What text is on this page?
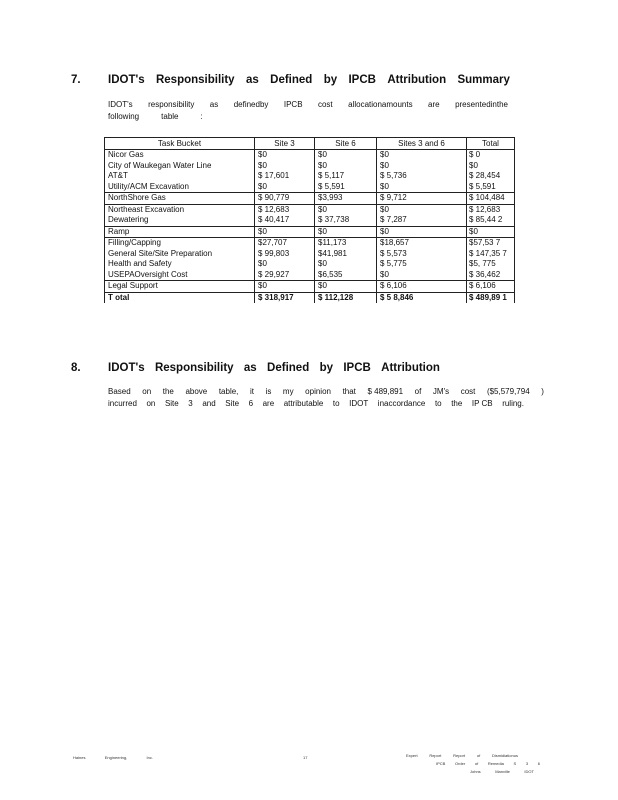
7. IDOT's Responsibility as Defined by IPCB Attribution Summary
IDOT's responsibility as definedby IPCB cost allocationamounts are presentedinthe
following	table	:
Task Bucket	Site 3	Site 6	Sites 3 and 6	Total
Nicor Gas	$0	$0	$0	$ 0
City of Waukegan Water Line	$0	$0	$0	$0
AT&T	$ 17,601	$ 5,117	$ 5,736	$ 28,454
Utility/ACM Excavation	$0	$ 5,591	$0	$ 5,591
NorthShore Gas	$ 90,779	$3,993	$ 9,712	$ 104,484
Northeast Excavation	$ 12,683	$0	$0	$ 12,683
Dewatering	$ 40,417	$ 37,738	$ 7,287	$ 85,44 2
Ramp	$0	$0	$0	$0
Filling/Capping	$27,707	$11,173	$18,657	$57,53 7
General Site/Site Preparation	$ 99,803	$41,981	$ 5,573	$ 147,35 7
Health and Safety	$0	$0	$ 5,775	$5, 775
USEPAOversight Cost	$ 29,927	$6,535	$0	$ 36,462
Legal Support	$0	$0	$ 6,106	$ 6,106
T otal	$ 318,917	$ 112,128	$ 5 8,846	$ 489,89 1
8. IDOT's Responsibility as Defined by IPCB Attribution
Based on the above table, it is my opinion that $ 489,891 of JM's cost ($5,579,794 )
incurred on Site 3 and Site 6 are attributable to IDOT inaccordance to the IP CB ruling.
Haines	Engineering,	Inc.	17	Expert	Report	Report	of	Dismidiationus
IPCB Order of Remedia S 3 6
Johns	Manville	IDOT
